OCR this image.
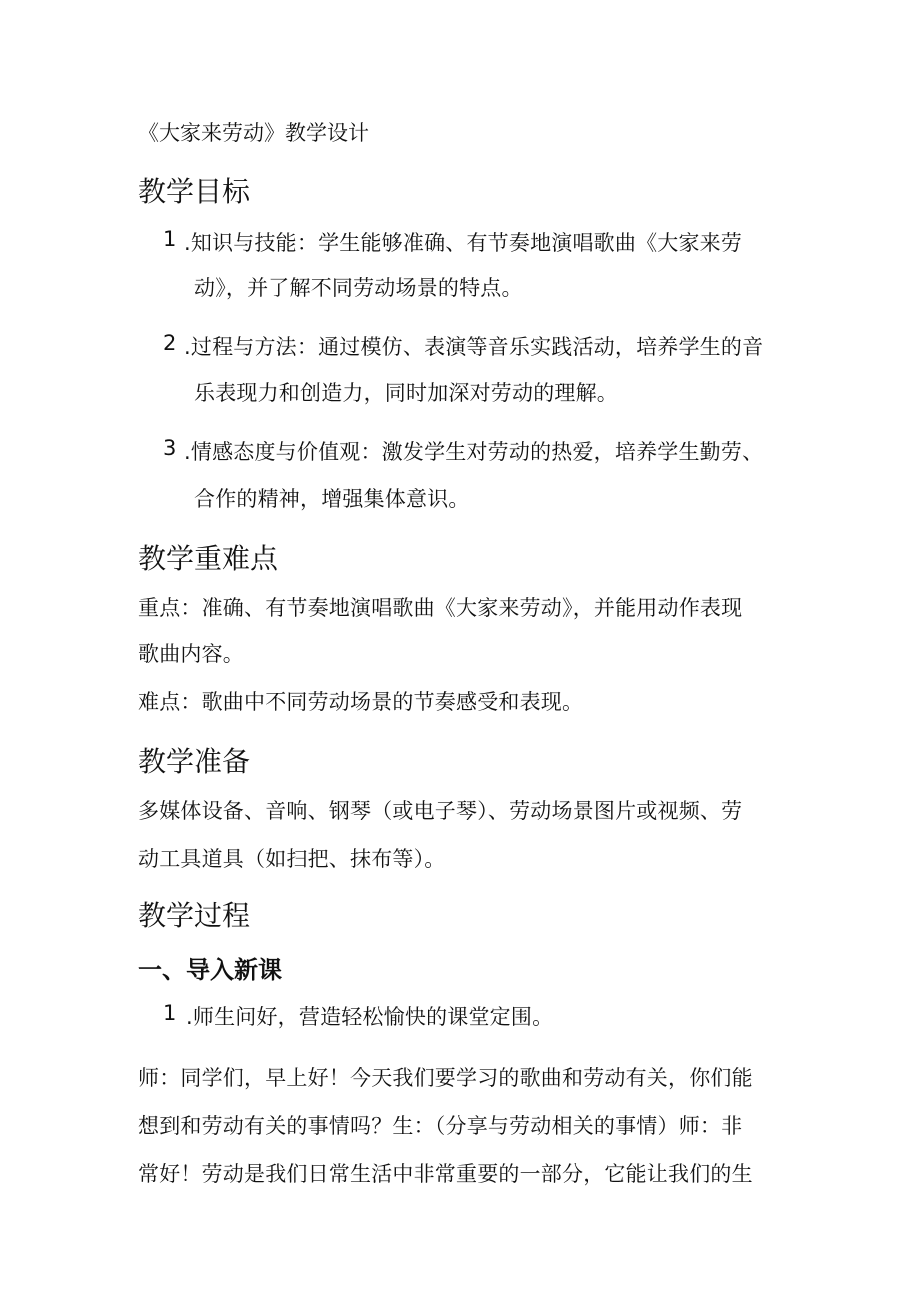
《大家来劳动》教学设计
教学目标
1 .知识与技能：学生能够准确、有节奏地演唱歌曲《大家来劳
动》，并了解不同劳动场景的特点。
2 .过程与方法：通过模仿、表演等音乐实践活动，培养学生的音
乐表现力和创造力，同时加深对劳动的理解。
3 .情感态度与价值观：激发学生对劳动的热爱，培养学生勤劳、
合作的精神，增强集体意识。
教学重难点
重点：准确、有节奏地演唱歌曲《大家来劳动》，并能用动作表现
歌曲内容。
难点：歌曲中不同劳动场景的节奏感受和表现。
教学准备
多媒体设备、音响、钢琴（或电子琴）、劳动场景图片或视频、劳
动工具道具（如扫把、抹布等）。
教学过程
一、导入新课
1 .师生问好，营造轻松愉快的课堂定围。
师：同学们，早上好！今天我们要学习的歌曲和劳动有关，你们能
想到和劳动有关的事情吗？生：（分享与劳动相关的事情）师：非
常好！劳动是我们日常生活中非常重要的一部分，它能让我们的生
